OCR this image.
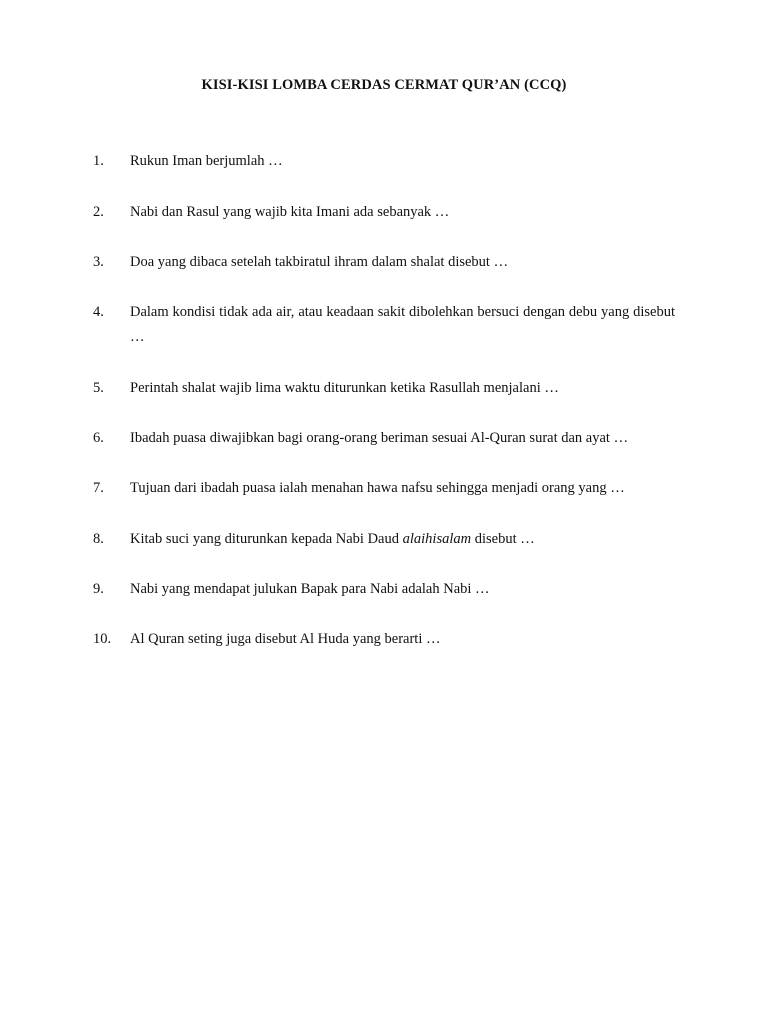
KISI-KISI LOMBA CERDAS CERMAT QUR’AN (CCQ)
1. Rukun Iman berjumlah …
2. Nabi dan Rasul yang wajib kita Imani ada sebanyak …
3. Doa yang dibaca setelah takbiratul ihram dalam shalat disebut …
4. Dalam kondisi tidak ada air, atau keadaan sakit dibolehkan bersuci dengan debu yang disebut …
5. Perintah shalat wajib lima waktu diturunkan ketika Rasullah menjalani …
6. Ibadah puasa diwajibkan bagi orang-orang beriman sesuai Al-Quran surat dan ayat …
7. Tujuan dari ibadah puasa ialah menahan hawa nafsu sehingga menjadi orang yang …
8. Kitab suci yang diturunkan kepada Nabi Daud alaihisalam disebut …
9. Nabi yang mendapat julukan Bapak para Nabi adalah Nabi …
10. Al Quran seting juga disebut Al Huda yang berarti …
